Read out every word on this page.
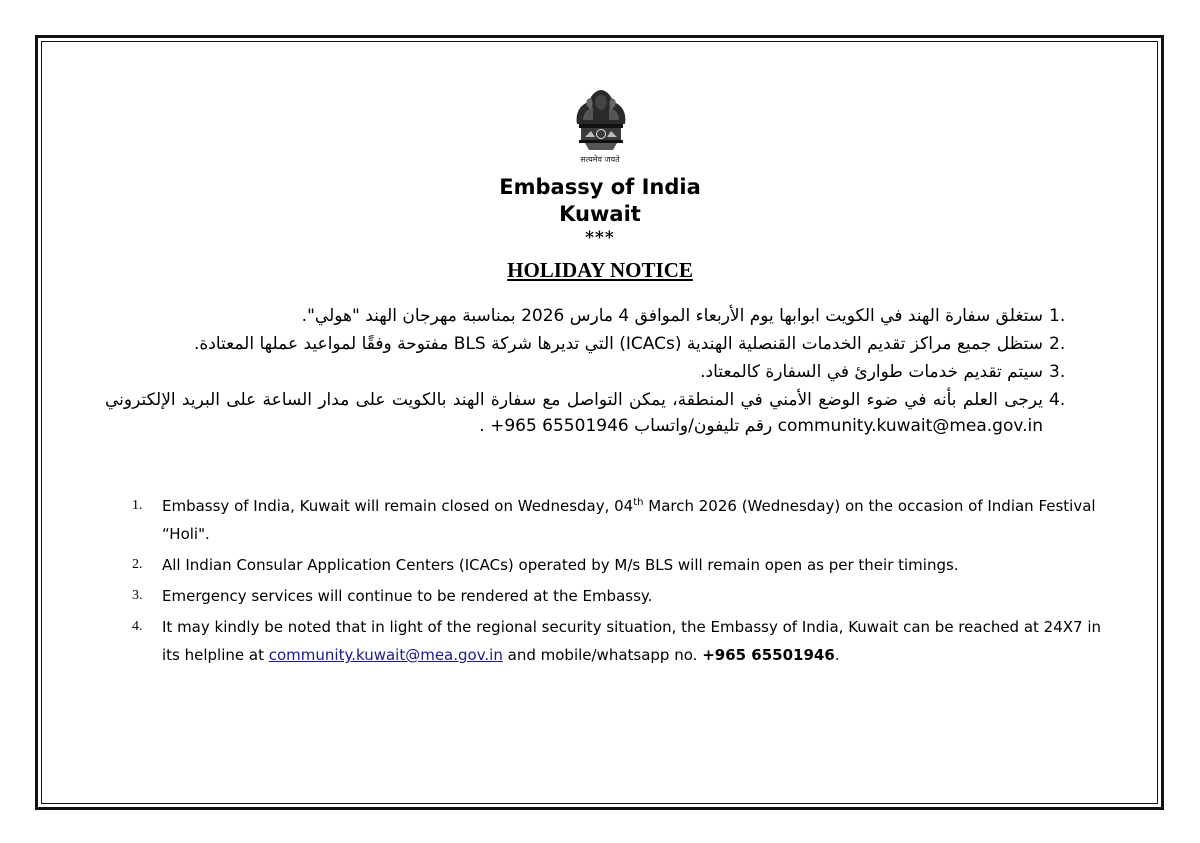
सत्यमेव जयते
Embassy of India
Kuwait
***
HOLIDAY NOTICE
1.
ستغلق سفارة الهند في الكويت ابوابها يوم الأربعاء الموافق 4 مارس 2026 بمناسبة مهرجان الهند "هولي".
2.
ستظل جميع مراكز تقديم الخدمات القنصلية الهندية (ICACs) التي تديرها شركة BLS مفتوحة وفقًا لمواعيد عملها المعتادة.
3.
سيتم تقديم خدمات طوارئ في السفارة كالمعتاد.
4.
يرجى العلم بأنه في ضوء الوضع الأمني في المنطقة، يمكن التواصل مع سفارة الهند بالكويت على مدار الساعة على البريد الإلكتروني community.kuwait@mea.gov.in رقم تليفون/واتساب +965 65501946 .
1. Embassy of India, Kuwait will remain closed on Wednesday, 04th March 2026 (Wednesday) on the occasion of Indian Festival “Holi".
2. All Indian Consular Application Centers (ICACs) operated by M/s BLS will remain open as per their timings.
3. Emergency services will continue to be rendered at the Embassy.
4. It may kindly be noted that in light of the regional security situation, the Embassy of India, Kuwait can be reached at 24X7 in its helpline at community.kuwait@mea.gov.in and mobile/whatsapp no. +965 65501946.
